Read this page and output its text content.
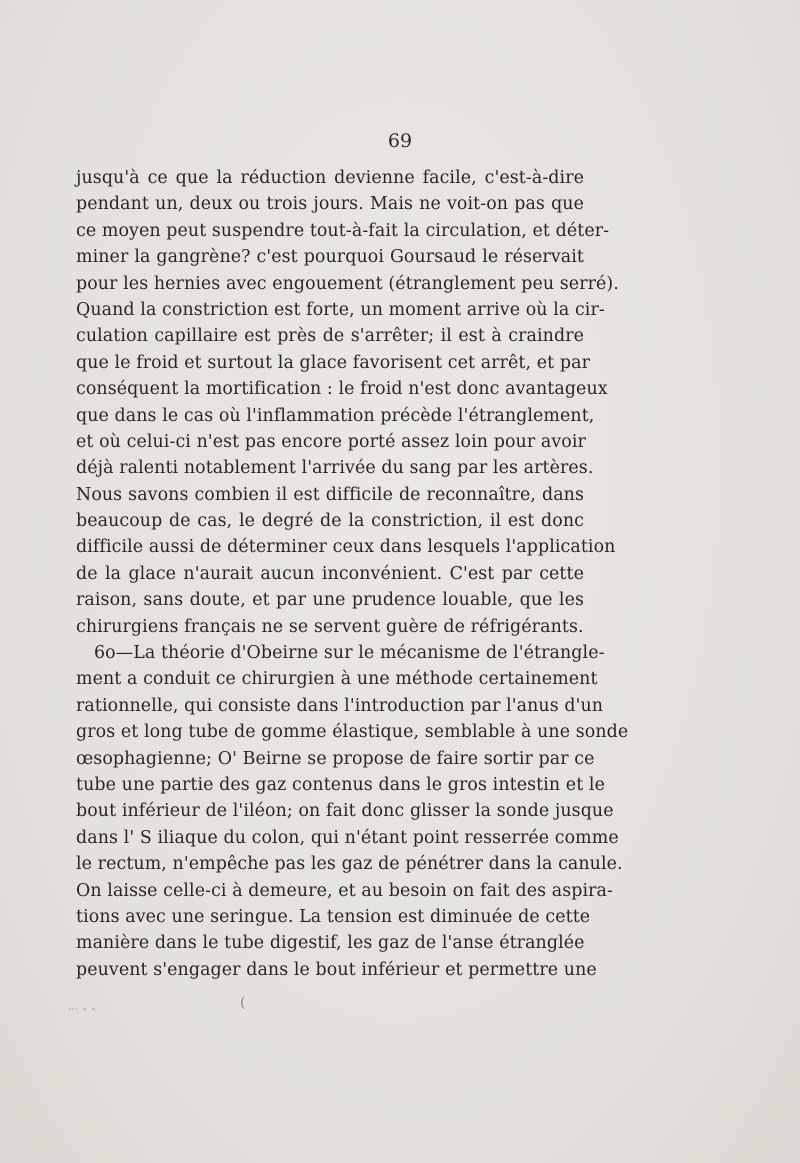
69
jusqu'à ce que la réduction devienne facile, c'est-à-dire
pendant un, deux ou trois jours. Mais ne voit-on pas que
ce moyen peut suspendre tout-à-fait la circulation, et déter-
miner la gangrène? c'est pourquoi Goursaud le réservait
pour les hernies avec engouement (étranglement peu serré).
Quand la constriction est forte, un moment arrive où la cir-
culation capillaire est près de s'arrêter; il est à craindre
que le froid et surtout la glace favorisent cet arrêt, et par
conséquent la mortification : le froid n'est donc avantageux
que dans le cas où l'inflammation précède l'étranglement,
et où celui-ci n'est pas encore porté assez loin pour avoir
déjà ralenti notablement l'arrivée du sang par les artères.
Nous savons combien il est difficile de reconnaître, dans
beaucoup de cas, le degré de la constriction, il est donc
difficile aussi de déterminer ceux dans lesquels l'application
de la glace n'aurait aucun inconvénient. C'est par cette
raison, sans doute, et par une prudence louable, que les
chirurgiens français ne se servent guère de réfrigérants.
6o—La théorie d'Obeirne sur le mécanisme de l'étrangle-
ment a conduit ce chirurgien à une méthode certainement
rationnelle, qui consiste dans l'introduction par l'anus d'un
gros et long tube de gomme élastique, semblable à une sonde
œsophagienne; O' Beirne se propose de faire sortir par ce
tube une partie des gaz contenus dans le gros intestin et le
bout inférieur de l'iléon; on fait donc glisser la sonde jusque
dans l' S iliaque du colon, qui n'étant point resserrée comme
le rectum, n'empêche pas les gaz de pénétrer dans la canule.
On laisse celle-ci à demeure, et au besoin on fait des aspira-
tions avec une seringue. La tension est diminuée de cette
manière dans le tube digestif, les gaz de l'anse étranglée
peuvent s'engager dans le bout inférieur et permettre une
⋯ ‐ ‐	(
